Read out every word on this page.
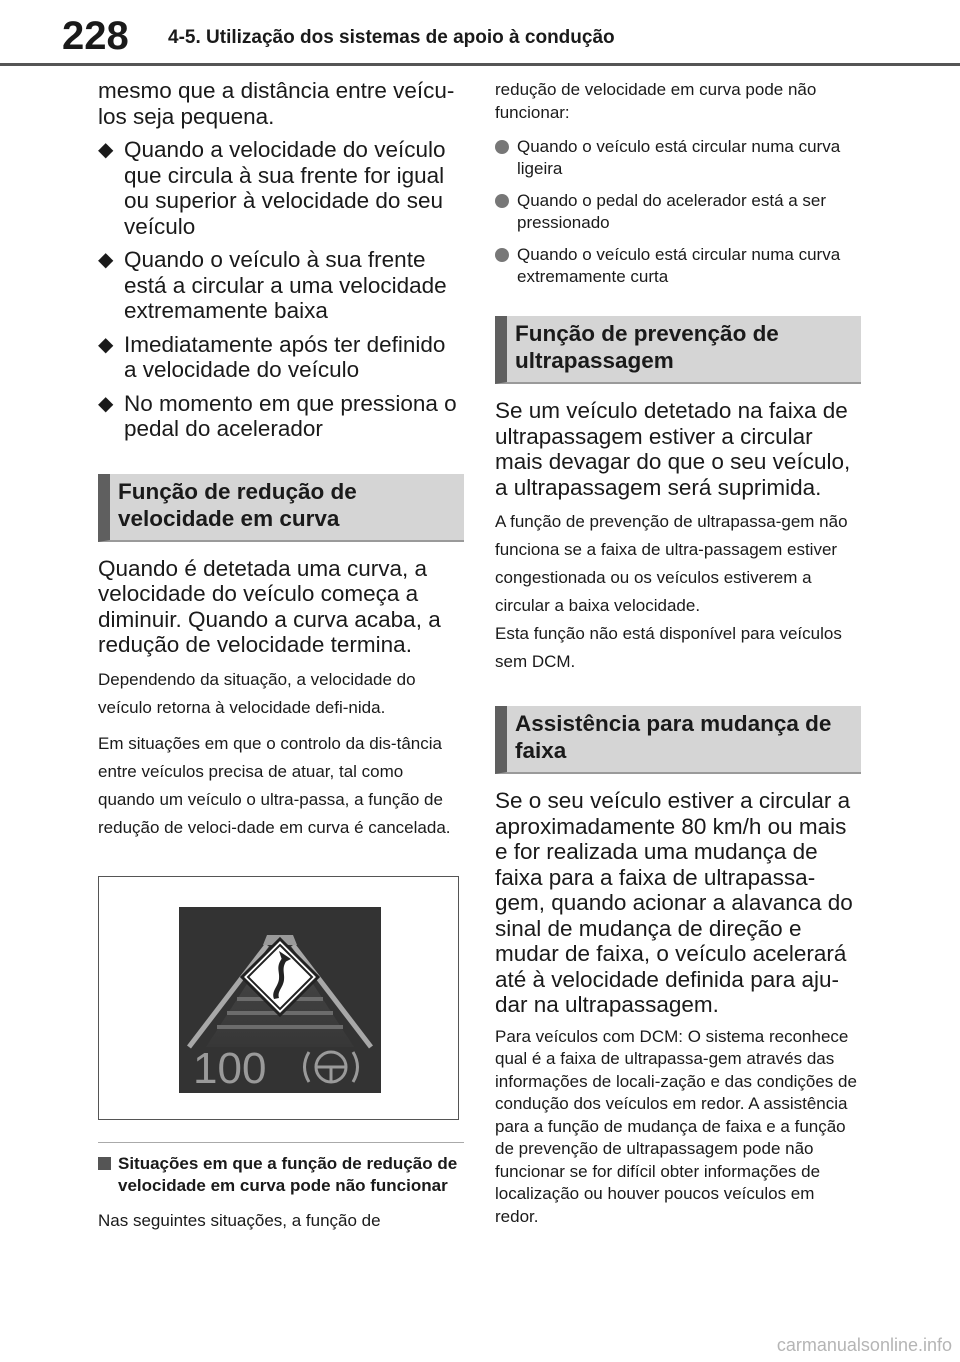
228 4-5. Utilização dos sistemas de apoio à condução

mesmo que a distância entre veícu-los seja pequena.

◆ Quando a velocidade do veículo que circula à sua frente for igual ou superior à velocidade do seu veículo
◆ Quando o veículo à sua frente está a circular a uma velocidade extremamente baixa
◆ Imediatamente após ter definido a velocidade do veículo
◆ No momento em que pressiona o pedal do acelerador
Função de redução de velocidade em curva

Quando é detetada uma curva, a velocidade do veículo começa a diminuir. Quando a curva acaba, a redução de velocidade termina.

Dependendo da situação, a velocidade do veículo retorna à velocidade defi-nida.

Em situações em que o controlo da dis-tância entre veículos precisa de atuar, tal como quando um veículo o ultra-passa, a função de redução de veloci-dade em curva é cancelada.

100
Situações em que a função de redução de velocidade em curva pode não funcionar

Nas seguintes situações, a função de

redução de velocidade em curva pode não funcionar:

Quando o veículo está circular numa curva ligeira
Quando o pedal do acelerador está a ser pressionado
Quando o veículo está circular numa curva extremamente curta
Função de prevenção de ultrapassagem

Se um veículo detetado na faixa de ultrapassagem estiver a circular mais devagar do que o seu veículo, a ultrapassagem será suprimida.

A função de prevenção de ultrapassa-gem não funciona se a faixa de ultra-passagem estiver congestionada ou os veículos estiverem a circular a baixa velocidade.

Esta função não está disponível para veículos sem DCM.

Assistência para mudança de faixa

Se o seu veículo estiver a circular a aproximadamente 80 km/h ou mais e for realizada uma mudança de faixa para a faixa de ultrapassa-gem, quando acionar a alavanca do sinal de mudança de direção e mudar de faixa, o veículo acelerará até à velocidade definida para aju-dar na ultrapassagem.

Para veículos com DCM: O sistema reconhece qual é a faixa de ultrapassa-gem através das informações de locali-zação e das condições de condução dos veículos em redor. A assistência para a função de mudança de faixa e a função de prevenção de ultrapassagem pode não funcionar se for difícil obter informações de localização ou houver poucos veículos em redor.

carmanualsonline.info
